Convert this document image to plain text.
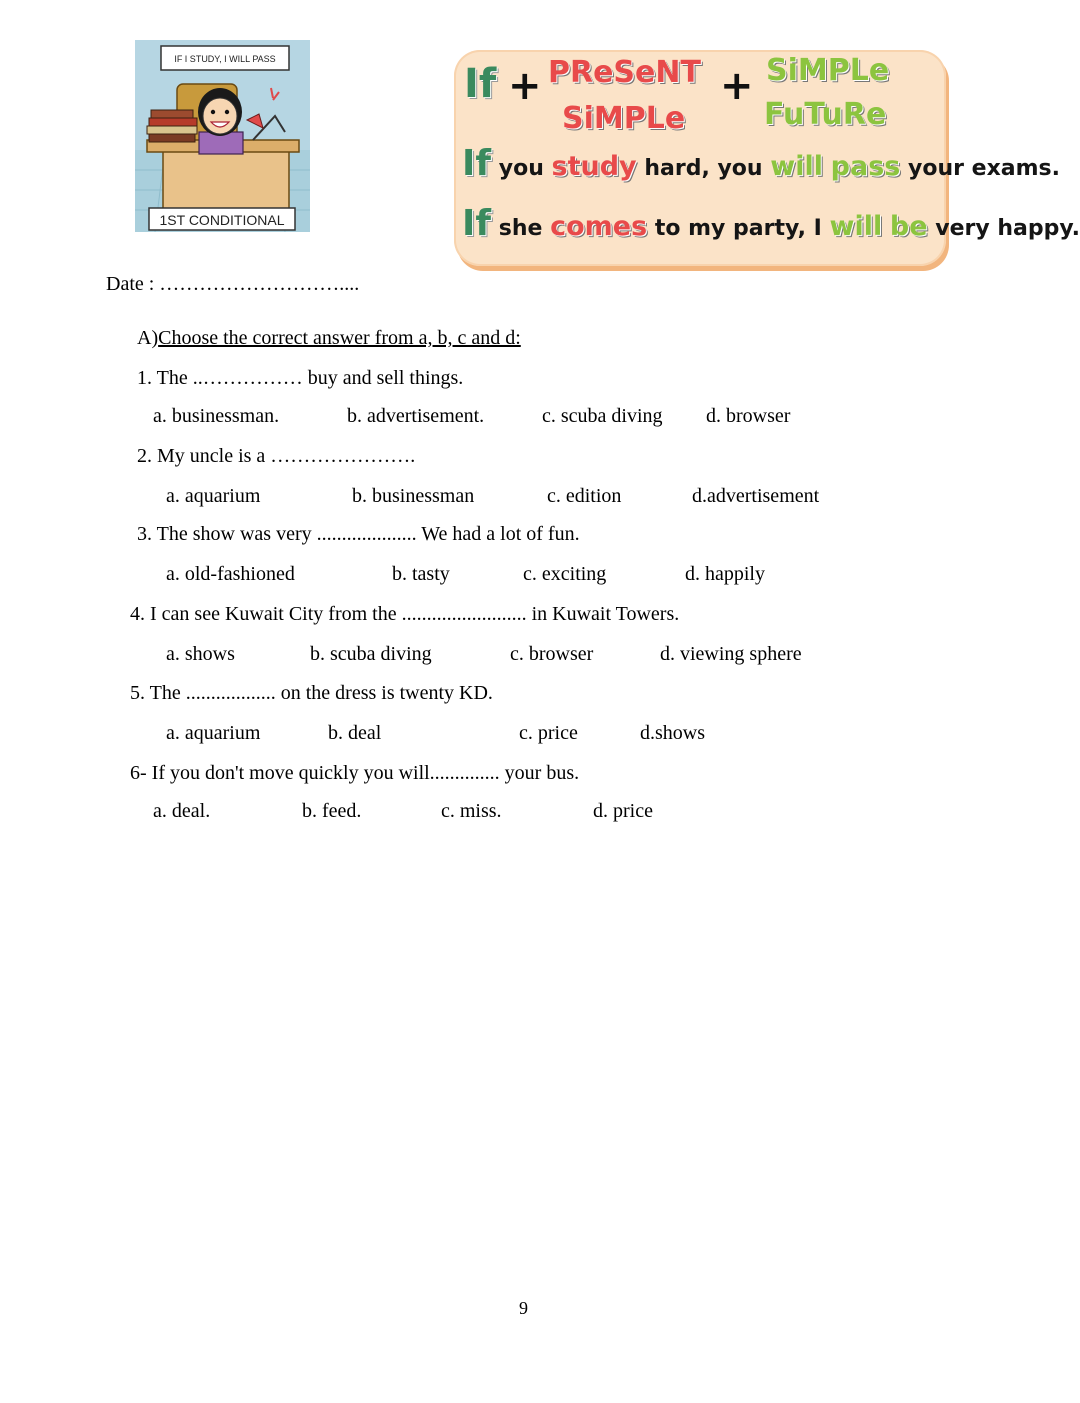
IF I STUDY, I WILL PASS
1ST CONDITIONAL
If + PReSeNT
SiMPLe
+ SiMPLe
FuTuRe
If you study hard, you will pass your exams.
If she comes to my party, I will be very happy.
Date : ………………………....
A)Choose the correct answer from a, b, c and d:
1. The ..…………… buy and sell things.
a. businessman.	b. advertisement.	c. scuba diving d. browser
2. My uncle is a ………………….
a. aquarium	b. businessman	c. edition	d.advertisement
3. The show was very .................... We had a lot of fun.
a. old-fashioned	b. tasty	c. exciting	d. happily
4. I can see Kuwait City from the ......................... in Kuwait Towers.
a. shows	b. scuba diving	c. browser	d. viewing sphere
5. The .................. on the dress is twenty KD.
a. aquarium	b. deal	c. price	d.shows
6- If you don't move quickly you will.............. your bus.
a. deal.	b. feed.	c. miss.	d. price
9
